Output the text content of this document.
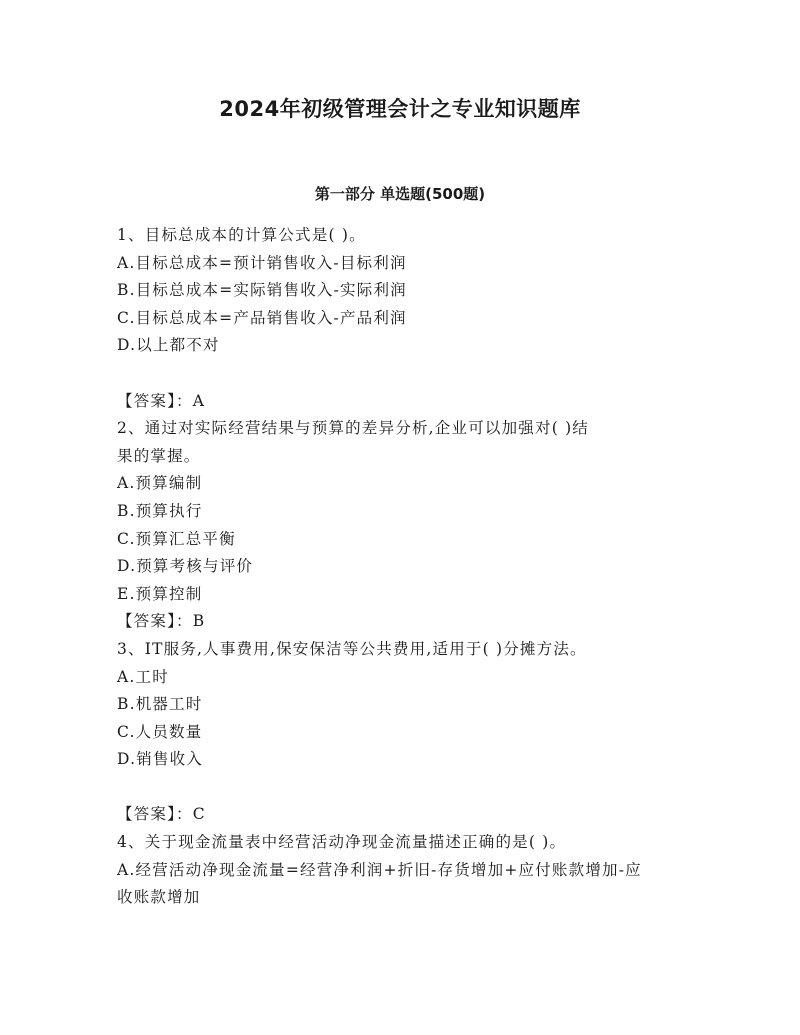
2024年初级管理会计之专业知识题库
第一部分 单选题(500题)
1、目标总成本的计算公式是( )。
A.目标总成本=预计销售收入-目标利润
B.目标总成本=实际销售收入-实际利润
C.目标总成本=产品销售收入-产品利润
D.以上都不对
【答案】：A
2、通过对实际经营结果与预算的差异分析,企业可以加强对( )结
果的掌握。
A.预算编制
B.预算执行
C.预算汇总平衡
D.预算考核与评价
E.预算控制
【答案】：B
3、IT服务,人事费用,保安保洁等公共费用,适用于( )分摊方法。
A.工时
B.机器工时
C.人员数量
D.销售收入
【答案】：C
4、关于现金流量表中经营活动净现金流量描述正确的是( )。
A.经营活动净现金流量=经营净利润+折旧-存货增加+应付账款增加-应
收账款增加
